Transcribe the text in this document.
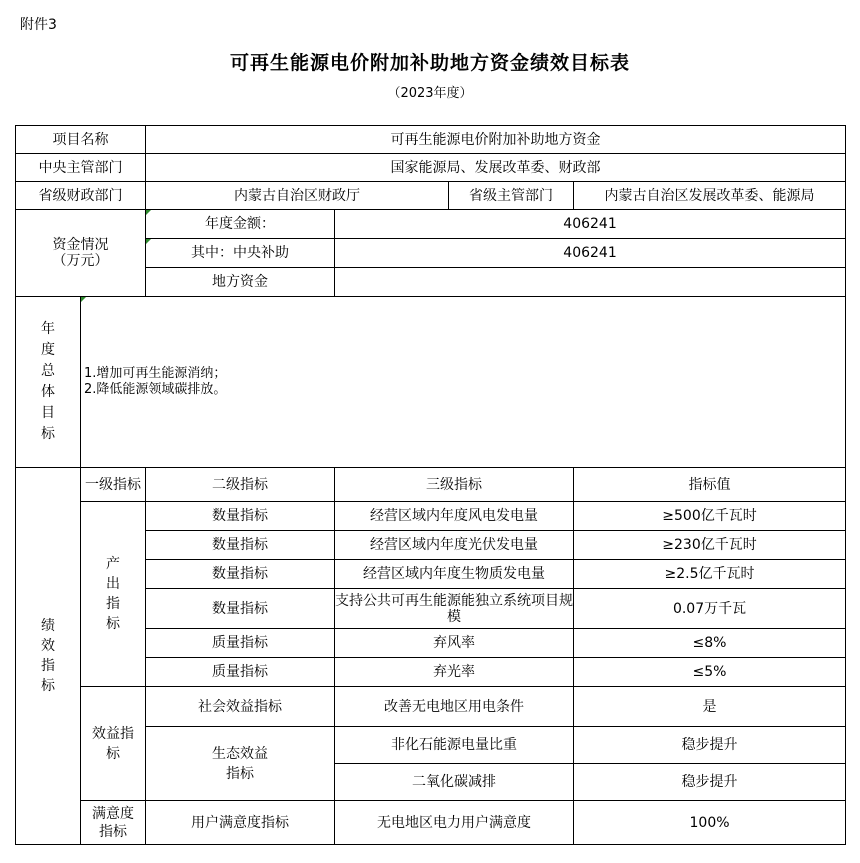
附件3
可再生能源电价附加补助地方资金绩效目标表
（2023年度）
项目名称		可再生能源电价附加补助地方资金			
中央主管部门		国家能源局、发展改革委、财政部			
省级财政部门		内蒙古自治区财政厅		省级主管部门	内蒙古自治区发展改革委、能源局

资金情况
（万元）		年度金额：	406241		
		其中：中央补助	406241		
		地方资金			
年度总体目标	1.增加可再生能源消纳；
2.降低能源领域碳排放。				

绩效指标	一级指标	二级指标	三级指标		指标值
	产出指标	数量指标	经营区域内年度风电发电量		≥500亿千瓦时
		数量指标	经营区域内年度光伏发电量		≥230亿千瓦时
		数量指标	经营区域内年度生物质发电量		≥2.5亿千瓦时
		数量指标	支持公共可再生能源能独立系统项目规模		0.07万千瓦
		质量指标	弃风率		≤8%
		质量指标	弃光率		≤5%
	效益指标	社会效益指标	改善无电地区用电条件		是
		生态效益指标	非化石能源电量比重		稳步提升
			二氧化碳减排		稳步提升
	满意度指标	用户满意度指标	无电地区电力用户满意度		100%
